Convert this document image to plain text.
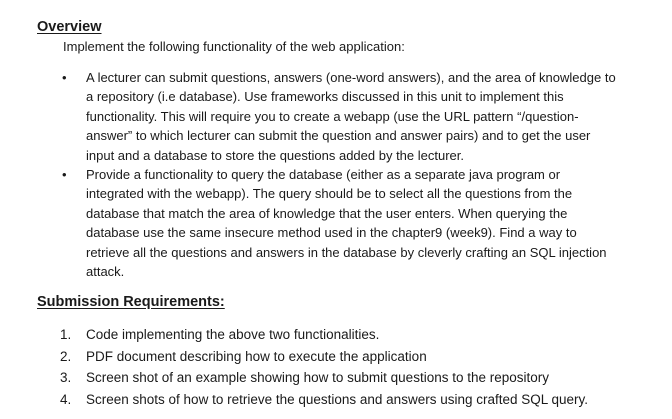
Overview
Implement the following functionality of the web application:
• A lecturer can submit questions, answers (one-word answers), and the area of knowledge to
a repository (i.e database). Use frameworks discussed in this unit to implement this
functionality. This will require you to create a webapp (use the URL pattern “/question-
answer” to which lecturer can submit the question and answer pairs) and to get the user
input and a database to store the questions added by the lecturer.
• Provide a functionality to query the database (either as a separate java program or
integrated with the webapp). The query should be to select all the questions from the
database that match the area of knowledge that the user enters. When querying the
database use the same insecure method used in the chapter9 (week9). Find a way to
retrieve all the questions and answers in the database by cleverly crafting an SQL injection
attack.
Submission Requirements:
1. Code implementing the above two functionalities.
2. PDF document describing how to execute the application
3. Screen shot of an example showing how to submit questions to the repository
4. Screen shots of how to retrieve the questions and answers using crafted SQL query.
